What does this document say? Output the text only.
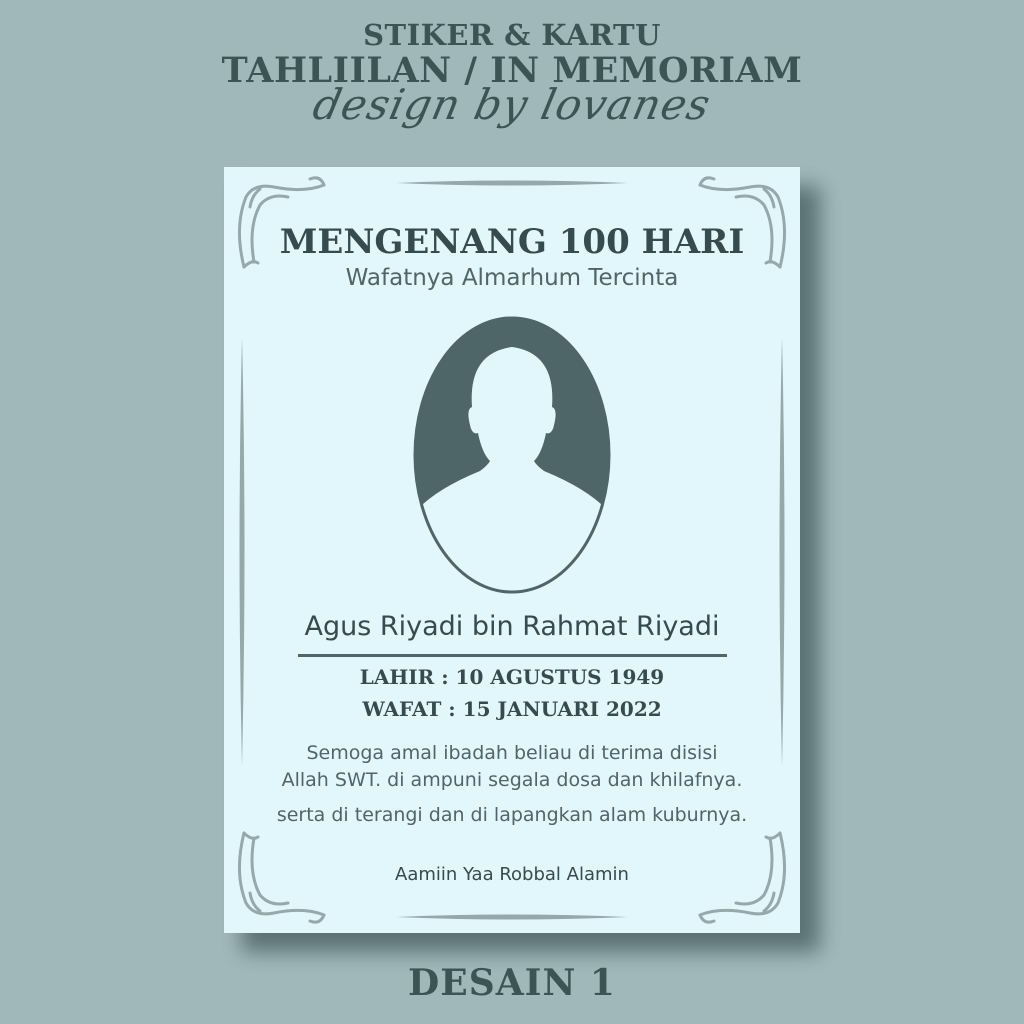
STIKER & KARTU
TAHLIILAN / IN MEMORIAM
design by lovanes
MENGENANG 100 HARI
Wafatnya Almarhum Tercinta
Agus Riyadi bin Rahmat Riyadi
LAHIR : 10 AGUSTUS 1949
WAFAT : 15 JANUARI 2022
Semoga amal ibadah beliau di terima disisi
Allah SWT. di ampuni segala dosa dan khilafnya.
serta di terangi dan di lapangkan alam kuburnya.
Aamiin Yaa Robbal Alamin
DESAIN 1
